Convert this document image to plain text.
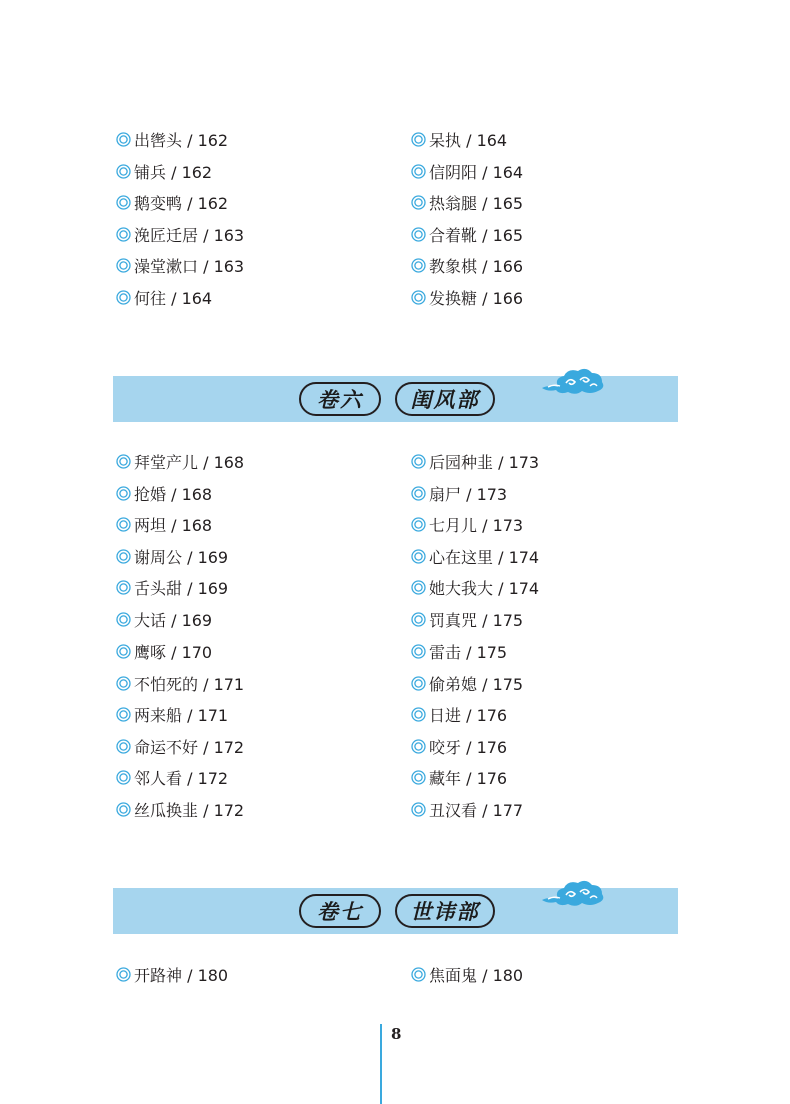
出辔头 / 162	呆执 / 164
铺兵 / 162	信阴阳 / 164
鹅变鸭 / 162	热翁腿 / 165
浼匠迁居 / 163	合着靴 / 165
澡堂漱口 / 163	教象棋 / 166
何往 / 164	发换糖 / 166
卷六	闺风部
拜堂产儿 / 168	后园种韭 / 173
抢婚 / 168	扇尸 / 173
两坦 / 168	七月儿 / 173
谢周公 / 169	心在这里 / 174
舌头甜 / 169	她大我大 / 174
大话 / 169	罚真咒 / 175
鹰啄 / 170	雷击 / 175
不怕死的 / 171	偷弟媳 / 175
两来船 / 171	日进 / 176
命运不好 / 172	咬牙 / 176
邻人看 / 172	藏年 / 176
丝瓜换韭 / 172	丑汉看 / 177
卷七	世讳部
开路神 / 180	焦面鬼 / 180
8
